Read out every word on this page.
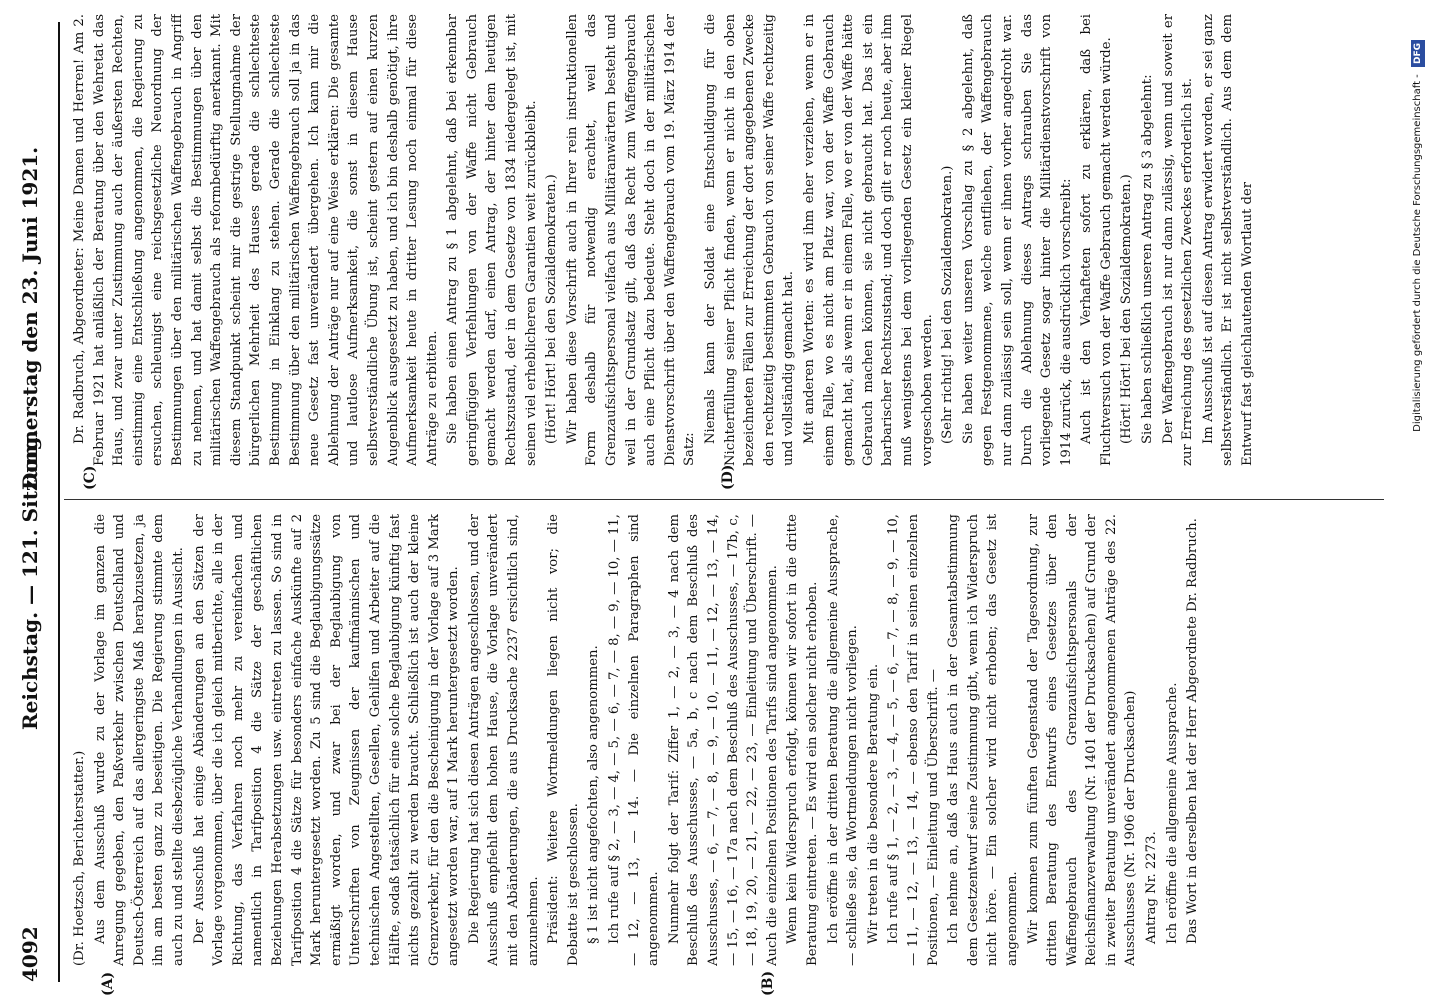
4092
Reichstag. — 121. Sitzung.
Donnerstag den 23. Juni 1921.
(A)	(B)
(C)	(D)

(Dr. Hoetzsch, Berichterstatter.) Aus dem Ausschuß wurde zu der Vorlage im ganzen die Anregung gegeben, den Paßverkehr zwischen Deutschland und Deutsch-Österreich auf das allergeringste Maß herabzusetzen, ja ihn am besten ganz zu beseitigen. Die Regierung stimmte dem auch zu und stellte diesbezügliche Verhandlungen in Aussicht. Der Ausschuß hat einige Abänderungen an den Sätzen der Vorlage vorgenommen, über die ich gleich mitberichte, alle in der Richtung, das Verfahren noch mehr zu vereinfachen und namentlich in Tarifposition 4 die Sätze der geschäftlichen Beziehungen Herabsetzungen usw. eintreten zu lassen. So sind in Tarifposition 4 die Sätze für besonders einfache Auskünfte auf 2 Mark heruntergesetzt worden. Zu 5 sind die Beglaubigungssätze ermäßigt worden, und zwar bei der Beglaubigung von Unterschriften von Zeugnissen der kaufmännischen und technischen Angestellten, Gesellen, Gehilfen und Arbeiter auf die Hälfte, sodaß tatsächlich für eine solche Beglaubigung künftig fast nichts gezahlt zu werden braucht. Schließlich ist auch der kleine Grenzverkehr, für den die Bescheinigung in der Vorlage auf 3 Mark angesetzt worden war, auf 1 Mark heruntergesetzt worden. Die Regierung hat sich diesen Anträgen angeschlossen, und der Ausschuß empfiehlt dem hohen Hause, die Vorlage unverändert mit den Abänderungen, die aus Drucksache 2237 ersichtlich sind, anzunehmen. Präsident: Weitere Wortmeldungen liegen nicht vor; die Debatte ist geschlossen. § 1 ist nicht angefochten, also angenommen. Ich rufe auf § 2, — 3, — 4, — 5, — 6, — 7, — 8, — 9, — 10, — 11, — 12, — 13, — 14. — Die einzelnen Paragraphen sind angenommen. Nunmehr folgt der Tarif: Ziffer 1, — 2, — 3, — 4 nach dem Beschluß des Ausschusses, — 5a, b, c nach dem Beschluß des Ausschusses, — 6, — 7, — 8, — 9, — 10, — 11, — 12, — 13, — 14, — 15, — 16, — 17a nach dem Beschluß des Ausschusses, — 17b, c, — 18, 19, 20, — 21, — 22, — 23, — Einleitung und Überschrift. — Auch die einzelnen Positionen des Tarifs sind angenommen. Wenn kein Widerspruch erfolgt, können wir sofort in die dritte Beratung eintreten. — Es wird ein solcher nicht erhoben. Ich eröffne in der dritten Beratung die allgemeine Aussprache, — schließe sie, da Wortmeldungen nicht vorliegen. Wir treten in die besondere Beratung ein. Ich rufe auf § 1, — 2, — 3, — 4, — 5, — 6, — 7, — 8, — 9, — 10, — 11, — 12, — 13, — 14, — ebenso den Tarif in seinen einzelnen Positionen, — Einleitung und Überschrift. — Ich nehme an, daß das Haus auch in der Gesamtabstimmung dem Gesetzentwurf seine Zustimmung gibt, wenn ich Widerspruch nicht höre. — Ein solcher wird nicht erhoben; das Gesetz ist angenommen. Wir kommen zum fünften Gegenstand der Tagesordnung, zur dritten Beratung des Entwurfs eines Gesetzes über den Waffengebrauch des Grenzaufsichtspersonals der Reichsfinanzverwaltung (Nr. 1401 der Drucksachen) auf Grund der in zweiter Beratung unverändert angenommenen Anträge des 22. Ausschusses (Nr. 1906 der Drucksachen) Antrag Nr. 2273. Ich eröffne die allgemeine Aussprache. Das Wort in derselben hat der Herr Abgeordnete Dr. Radbruch.

Dr. Radbruch, Abgeordneter: Meine Damen und Herren! Am 2. Februar 1921 hat anläßlich der Beratung über den Wehretat das Haus, und zwar unter Zustimmung auch der äußersten Rechten, einstimmig eine Entschließung angenommen, die Regierung zu ersuchen, schleunigst eine reichsgesetzliche Neuordnung der Bestimmungen über den militärischen Waffengebrauch in Angriff zu nehmen, und hat damit selbst die Bestimmungen über den militärischen Waffengebrauch als reformbedürftig anerkannt. Mit diesem Standpunkt scheint mir die gestrige Stellungnahme der bürgerlichen Mehrheit des Hauses gerade die schlechteste Bestimmung in Einklang zu stehen. Gerade die schlechteste Bestimmung über den militärischen Waffengebrauch soll ja in das neue Gesetz fast unverändert übergehen. Ich kann mir die Ablehnung der Anträge nur auf eine Weise erklären: Die gesamte und lautlose Aufmerksamkeit, die sonst in diesem Hause selbstverständliche Übung ist, scheint gestern auf einen kurzen Augenblick ausgesetzt zu haben, und ich bin deshalb genötigt, ihre Aufmerksamkeit heute in dritter Lesung noch einmal für diese Anträge zu erbitten. Sie haben einen Antrag zu § 1 abgelehnt, daß bei erkennbar geringfügigen Verfehlungen von der Waffe nicht Gebrauch gemacht werden darf, einen Antrag, der hinter dem heutigen Rechtszustand, der in dem Gesetze von 1834 niedergelegt ist, mit seinen viel erheblicheren Garantien weit zurückbleibt. (Hört! Hört! bei den Sozialdemokraten.) Wir haben diese Vorschrift auch in Ihrer rein instruktionellen Form deshalb für notwendig erachtet, weil das Grenzaufsichtspersonal vielfach aus Militäranwärtern besteht und weil in der Grundsatz gilt, daß das Recht zum Waffengebrauch auch eine Pflicht dazu bedeute. Steht doch in der militärischen Dienstvorschrift über den Waffengebrauch vom 19. März 1914 der Satz:

Niemals kann der Soldat eine Entschuldigung für die Nichterfüllung seiner Pflicht finden, wenn er nicht in den oben bezeichneten Fällen zur Erreichung der dort angegebenen Zwecke den rechtzeitig bestimmten Gebrauch von seiner Waffe rechtzeitig und vollständig gemacht hat. Mit anderen Worten: es wird ihm eher verziehen, wenn er in einem Falle, wo es nicht am Platz war, von der Waffe Gebrauch gemacht hat, als wenn er in einem Falle, wo er von der Waffe hätte Gebrauch machen können, sie nicht gebraucht hat. Das ist ein barbarischer Rechtszustand; und doch gilt er noch heute, aber ihm muß wenigstens bei dem vorliegenden Gesetz ein kleiner Riegel vorgeschoben werden. (Sehr richtig! bei den Sozialdemokraten.) Sie haben weiter unseren Vorschlag zu § 2 abgelehnt, daß gegen Festgenommene, welche entfliehen, der Waffengebrauch nur dann zulässig sein soll, wenn er ihnen vorher angedroht war. Durch die Ablehnung dieses Antrags schrauben Sie das vorliegende Gesetz sogar hinter die Militärdienstvorschrift von 1914 zurück, die ausdrücklich vorschreibt: Auch ist den Verhafteten sofort zu erklären, daß bei Fluchtversuch von der Waffe Gebrauch gemacht werden würde. (Hört! Hört! bei den Sozialdemokraten.) Sie haben schließlich unseren Antrag zu § 3 abgelehnt: Der Waffengebrauch ist nur dann zulässig, wenn und soweit er zur Erreichung des gesetzlichen Zweckes erforderlich ist. Im Ausschuß ist auf diesen Antrag erwidert worden, er sei ganz selbstverständlich. Er ist nicht selbstverständlich. Aus dem dem Entwurf fast gleichlautenden Wortlaut der	Digitalisierung gefördert durch die Deutsche Forschungsgemeinschaft - DFG
